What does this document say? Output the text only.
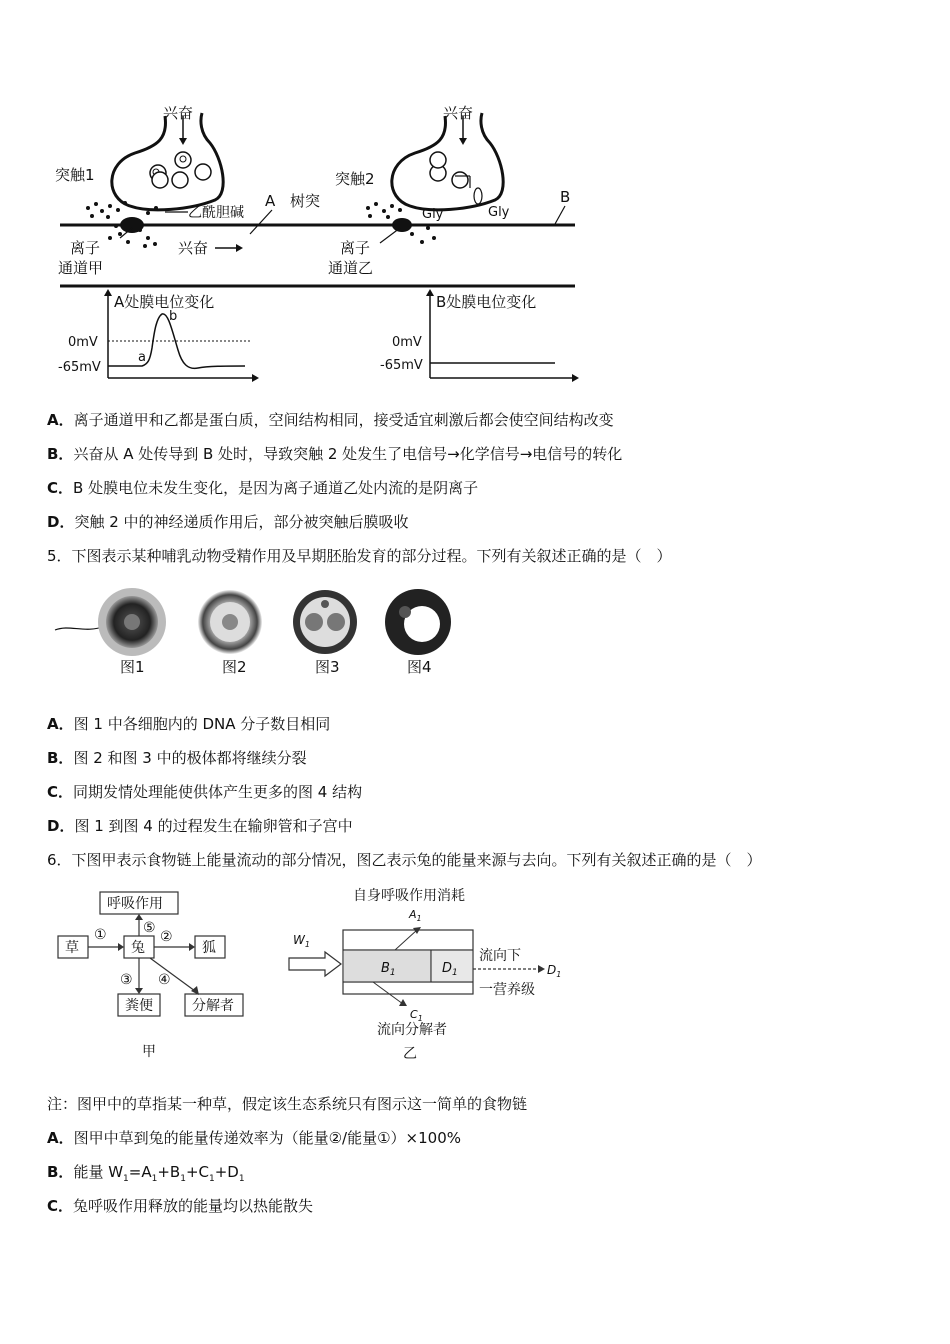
兴奋
突触1
乙酰胆碱
离子
通道甲
兴奋
A 树突
兴奋
突触2
Gly	Gly
离子
通道乙
B
A处膜电位变化
0mV
-65mV
a
b
B处膜电位变化
0mV
-65mV
A．离子通道甲和乙都是蛋白质，空间结构相同，接受适宜刺激后都会使空间结构改变
B．兴奋从 A 处传导到 B 处时，导致突触 2 处发生了电信号→化学信号→电信号的转化
C．B 处膜电位未发生变化，是因为离子通道乙处内流的是阴离子
D．突触 2 中的神经递质作用后，部分被突触后膜吸收
5．下图表示某种哺乳动物受精作用及早期胚胎发育的部分过程。下列有关叙述正确的是（　）
图1	图2	图3	图4
A．图 1 中各细胞内的 DNA 分子数目相同
B．图 2 和图 3 中的极体都将继续分裂
C．同期发情处理能使供体产生更多的图 4 结构
D．图 1 到图 4 的过程发生在输卵管和子宫中
6．下图甲表示食物链上能量流动的部分情况，图乙表示兔的能量来源与去向。下列有关叙述正确的是（　）
呼吸作用
草	兔	狐
粪便	分解者
①	②
③ ④
⑤
甲
自身呼吸作用消耗
$A_1$
$B_1$	$D_1$
$W_1$
流向下
$D_1$
一营养级
$C_1$
流向分解者
乙
注：图甲中的草指某一种草，假定该生态系统只有图示这一简单的食物链
A．图甲中草到兔的能量传递效率为（能量②/能量①）×100%
B．能量 $W_1=A_1+B_1+C_1+D_1$
C．兔呼吸作用释放的能量均以热能散失
